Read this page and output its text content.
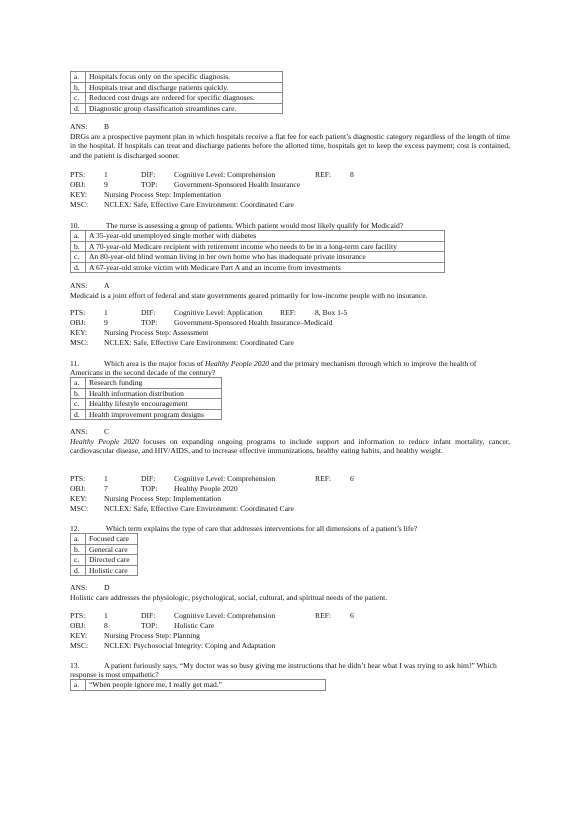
a.	Hospitals focus only on the specific diagnosis.
b.	Hospitals treat and discharge patients quickly.
c.	Reduced cost drugs are ordered for specific diagnoses.
d.	Diagnostic group classification streamlines care.
ANS: B
DRGs are a prospective payment plan in which hospitals receive a flat fee for each patient’s diagnostic category regardless of the length of time in the hospital. If hospitals can treat and discharge patients before the allotted time, hospitals get to keep the excess payment; cost is contained, and the patient is discharged sooner.
PTS: 1	DIF: Cognitive Level: Comprehension	REF: 8
OBJ: 9	TOP: Government-Sponsored Health Insurance
KEY: Nursing Process Step: Implementation
MSC: NCLEX: Safe, Effective Care Environment: Coordinated Care
10.	The nurse is assessing a group of patients. Which patient would most likely qualify for Medicaid?
a.	A 35-year-old unemployed single mother with diabetes
b.	A 70-year-old Medicare recipient with retirement income who needs to be in a long-term care facility
c.	An 80-year-old blind woman living in her own home who has inadequate private insurance
d.	A 67-year-old stroke victim with Medicare Part A and an income from investments
ANS: A
Medicaid is a joint effort of federal and state governments geared primarily for low-income people with no insurance.
PTS: 1	DIF: Cognitive Level: Application REF: 8, Box 1-5
OBJ: 9	TOP: Government-Sponsored Health Insurance–Medicaid
KEY: Nursing Process Step: Assessment
MSC: NCLEX: Safe, Effective Care Environment: Coordinated Care
11.	Which area is the major focus of Healthy People 2020 and the primary mechanism through which to improve the health of Americans in the second decade of the century?
a.	Research funding
b.	Health information distribution
c.	Healthy lifestyle encouragement
d.	Health improvement program designs
ANS: C
Healthy People 2020 focuses on expanding ongoing programs to include support and information to reduce infant mortality, cancer, cardiovascular disease, and HIV/AIDS, and to increase effective immunizations, healthy eating habits, and healthy weight.
PTS: 1	DIF: Cognitive Level: Comprehension	REF: 6
OBJ: 7	TOP: Healthy People 2020
KEY: Nursing Process Step: Implementation
MSC: NCLEX: Safe, Effective Care Environment: Coordinated Care
12.	Which term explains the type of care that addresses interventions for all dimensions of a patient’s life?
a.	Focused care
b.	General care
c.	Directed care
d.	Holistic care
ANS: D
Holistic care addresses the physiologic, psychological, social, cultural, and spiritual needs of the patient.
PTS: 1	DIF: Cognitive Level: Comprehension	REF: 6
OBJ: 8	TOP: Holistic Care
KEY: Nursing Process Step: Planning
MSC: NCLEX: Psychosocial Integrity: Coping and Adaptation
13.	A patient furiously says, “My doctor was so busy giving me instructions that he didn’t hear what I was trying to ask him!” Which response is most empathetic?
a.	“When people ignore me, I really get mad.”
